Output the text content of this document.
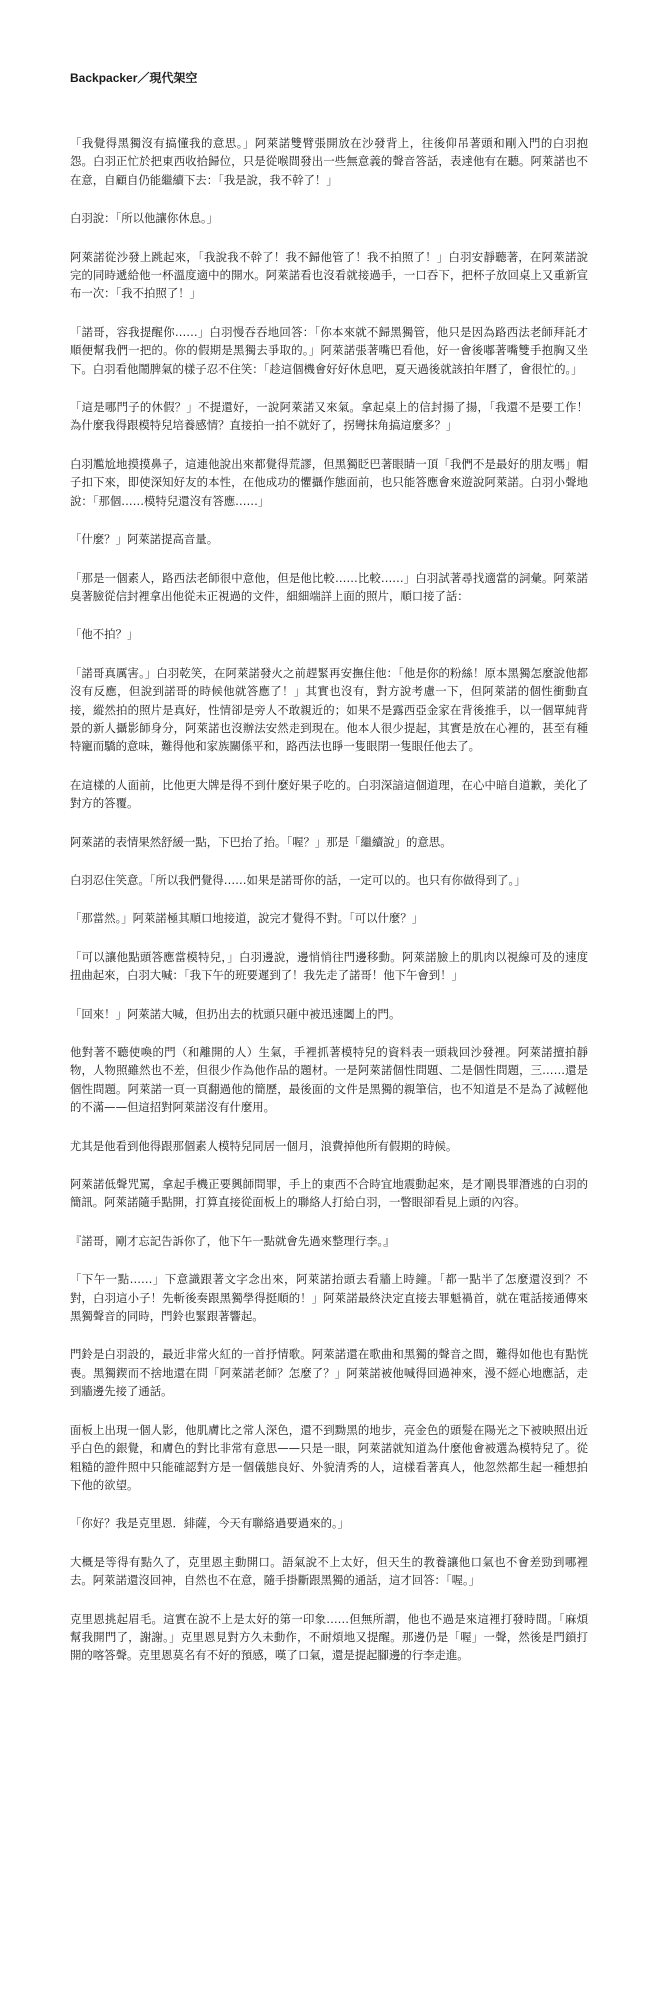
Backpacker／現代架空

「我覺得黑獨沒有搞懂我的意思。」阿萊諾雙臂張開放在沙發背上，往後仰吊著頭和剛入門的白羽抱怨。白羽正忙於把東西收拾歸位，只是從喉間發出一些無意義的聲音答話，表達他有在聽。阿萊諾也不在意，自顧自仍能繼續下去：「我是說，我不幹了！」

白羽說：「所以他讓你休息。」

阿萊諾從沙發上跳起來，「我說我不幹了！我不歸他管了！我不拍照了！」白羽安靜聽著，在阿萊諾說完的同時遞給他一杯溫度適中的開水。阿萊諾看也沒看就接過手，一口吞下，把杯子放回桌上又重新宣布一次：「我不拍照了！」

「諾哥，容我提醒你……」白羽慢吞吞地回答：「你本來就不歸黑獨管，他只是因為路西法老師拜託才順便幫我們一把的。你的假期是黑獨去爭取的。」阿萊諾張著嘴巴看他，好一會後嘟著嘴雙手抱胸又坐下。白羽看他鬧脾氣的樣子忍不住笑：「趁這個機會好好休息吧，夏天過後就該拍年曆了，會很忙的。」

「這是哪門子的休假？」不提還好，一說阿萊諾又來氣。拿起桌上的信封揚了揚，「我還不是要工作！為什麼我得跟模特兒培養感情？直接拍一拍不就好了，拐彎抹角搞這麼多？」

白羽尷尬地摸摸鼻子，這連他說出來都覺得荒謬，但黑獨眨巴著眼睛一頂「我們不是最好的朋友嗎」帽子扣下來，即使深知好友的本性，在他成功的懼攝作態面前，也只能答應會來遊說阿萊諾。白羽小聲地說：「那個……模特兒還沒有答應……」

「什麼？」阿萊諾提高音量。

「那是一個素人，路西法老師很中意他，但是他比較……比較……」白羽試著尋找適當的詞彙。阿萊諾臭著臉從信封裡拿出他從未正視過的文件，細細端詳上面的照片，順口接了話：

「他不拍？」

「諾哥真厲害。」白羽乾笑，在阿萊諾發火之前趕緊再安撫住他：「他是你的粉絲！原本黑獨怎麼說他都沒有反應，但說到諾哥的時候他就答應了！」其實也沒有，對方說考慮一下，但阿萊諾的個性衝動直接，縱然拍的照片是真好，性情卻是旁人不敢親近的；如果不是露西亞金家在背後推手，以一個單純背景的新人攝影師身分，阿萊諾也沒辦法安然走到現在。他本人很少提起，其實是放在心裡的，甚至有種特寵而驕的意味，難得他和家族關係平和，路西法也睜一隻眼閉一隻眼任他去了。

在這樣的人面前，比他更大牌是得不到什麼好果子吃的。白羽深諳這個道理，在心中暗自道歉，美化了對方的答覆。

阿萊諾的表情果然舒緩一點，下巴抬了抬。「喔？」那是「繼續說」的意思。

白羽忍住笑意。「所以我們覺得……如果是諾哥你的話，一定可以的。也只有你做得到了。」

「那當然。」阿萊諾極其順口地接道，說完才覺得不對。「可以什麼？」

「可以讓他點頭答應當模特兒，」白羽邊說，邊悄悄往門邊移動。阿萊諾臉上的肌肉以視線可及的速度扭曲起來，白羽大喊：「我下午的班要遲到了！我先走了諾哥！他下午會到！」

「回來！」阿萊諾大喊，但扔出去的枕頭只砸中被迅速闔上的門。

他對著不聽使喚的門（和離開的人）生氣，手裡抓著模特兒的資料表一頭栽回沙發裡。阿萊諾擅拍靜物，人物照雖然也不差，但很少作為他作品的題材。一是阿萊諾個性問題、二是個性問題，三……還是個性問題。阿萊諾一頁一頁翻過他的簡歷，最後面的文件是黑獨的親筆信，也不知道是不是為了減輕他的不滿——但這招對阿萊諾沒有什麼用。

尤其是他看到他得跟那個素人模特兒同居一個月，浪費掉他所有假期的時候。

阿萊諾低聲咒罵，拿起手機正要興師問罪，手上的東西不合時宜地震動起來，是才剛畏罪潛逃的白羽的簡訊。阿萊諾隨手點開，打算直接從面板上的聯絡人打給白羽，一瞥眼卻看見上頭的內容。

『諾哥，剛才忘記告訴你了，他下午一點就會先過來整理行李。』

「下午一點……」下意識跟著文字念出來，阿萊諾抬頭去看牆上時鐘。「都一點半了怎麼還沒到？不對，白羽這小子！先斬後奏跟黑獨學得挺順的！」阿萊諾最終決定直接去罪魁禍首，就在電話接通傳來黑獨聲音的同時，門鈴也緊跟著響起。

門鈴是白羽設的，最近非常火紅的一首抒情歌。阿萊諾還在歌曲和黑獨的聲音之間，難得如他也有點恍喪。黑獨鍥而不捨地還在問「阿萊諾老師？怎麼了？」阿萊諾被他喊得回過神來，漫不經心地應話，走到牆邊先接了通話。

面板上出現一個人影，他肌膚比之常人深色，還不到黝黑的地步，亮金色的頭髮在陽光之下被映照出近乎白色的銀覺，和膚色的對比非常有意思——只是一眼，阿萊諾就知道為什麼他會被選為模特兒了。從粗糙的證件照中只能確認對方是一個儀態良好、外貌清秀的人，這樣看著真人，他忽然都生起一種想拍下他的欲望。

「你好？我是克里恩．緋薩，今天有聯絡過要過來的。」

大概是等得有點久了，克里恩主動開口。語氣說不上太好，但天生的教養讓他口氣也不會差勁到哪裡去。阿萊諾還沒回神，自然也不在意，隨手掛斷跟黑獨的通話，這才回答：「喔。」

克里恩挑起眉毛。這實在說不上是太好的第一印象……但無所謂，他也不過是來這裡打發時間。「麻煩幫我開門了，謝謝。」克里恩見對方久未動作，不耐煩地又提醒。那邊仍是「喔」一聲，然後是門鎖打開的喀答聲。克里恩莫名有不好的預感，嘆了口氣，還是提起腳邊的行李走進。
